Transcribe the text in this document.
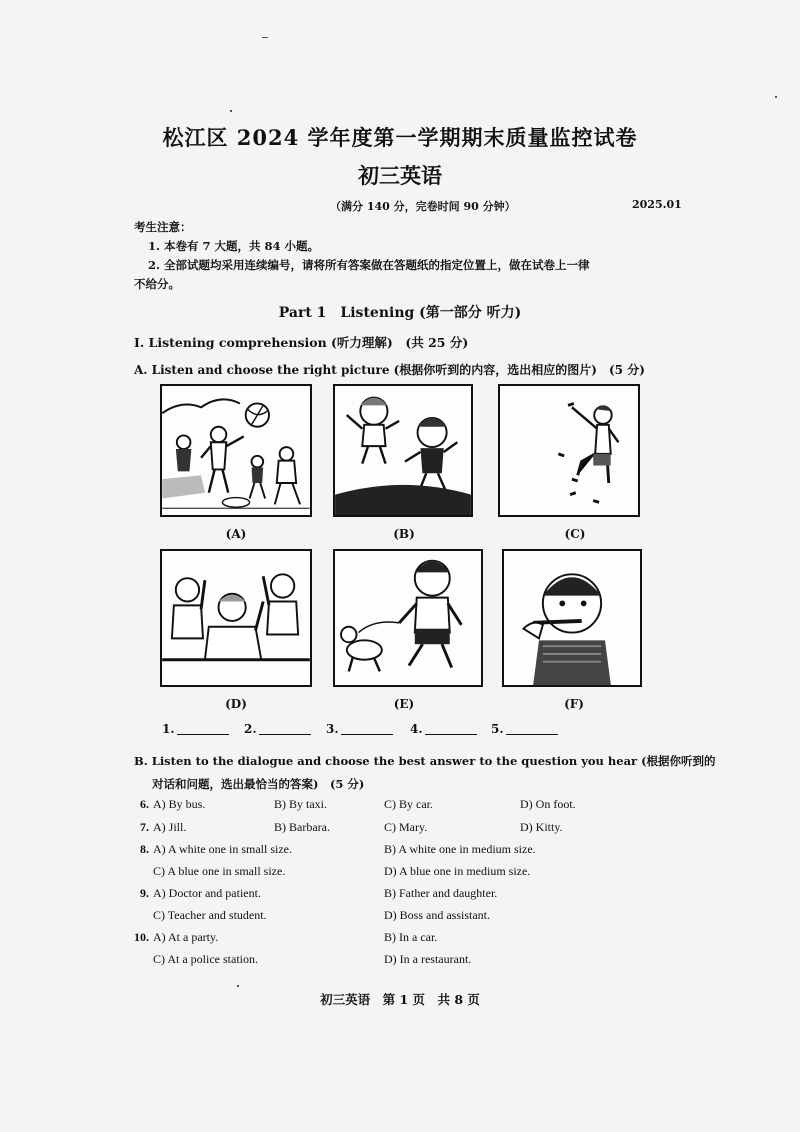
松江区 2024 学年度第一学期期末质量监控试卷
初三英语
（满分 140 分，完卷时间 90 分钟）	2025.01
考生注意：
1. 本卷有 7 大题，共 84 小题。
2. 全部试题均采用连续编号，请将所有答案做在答题纸的指定位置上，做在试卷上一律
不给分。
Part 1　Listening (第一部分 听力)
I. Listening comprehension (听力理解)　(共 25 分)
A. Listen and choose the right picture (根据你听到的内容，选出相应的图片)　(5 分)
(A)	(B)	(C)
(D)	(E)	(F)
1.	2.	3.	4.	5.
B. Listen to the dialogue and choose the best answer to the question you hear (根据你听到的
对话和问题，选出最恰当的答案)　(5 分)
6. A) By bus.	B) By taxi.	C) By car.	D) On foot.
7. A) Jill.	B) Barbara.	C) Mary.	D) Kitty.
8. A) A white one in small size.	B) A white one in medium size.
C) A blue one in small size.	D) A blue one in medium size.
9. A) Doctor and patient.	B) Father and daughter.
C) Teacher and student.	D) Boss and assistant.
10. A) At a party.	B) In a car.
C) At a police station.	D) In a restaurant.
初三英语　第 1 页　共 8 页
